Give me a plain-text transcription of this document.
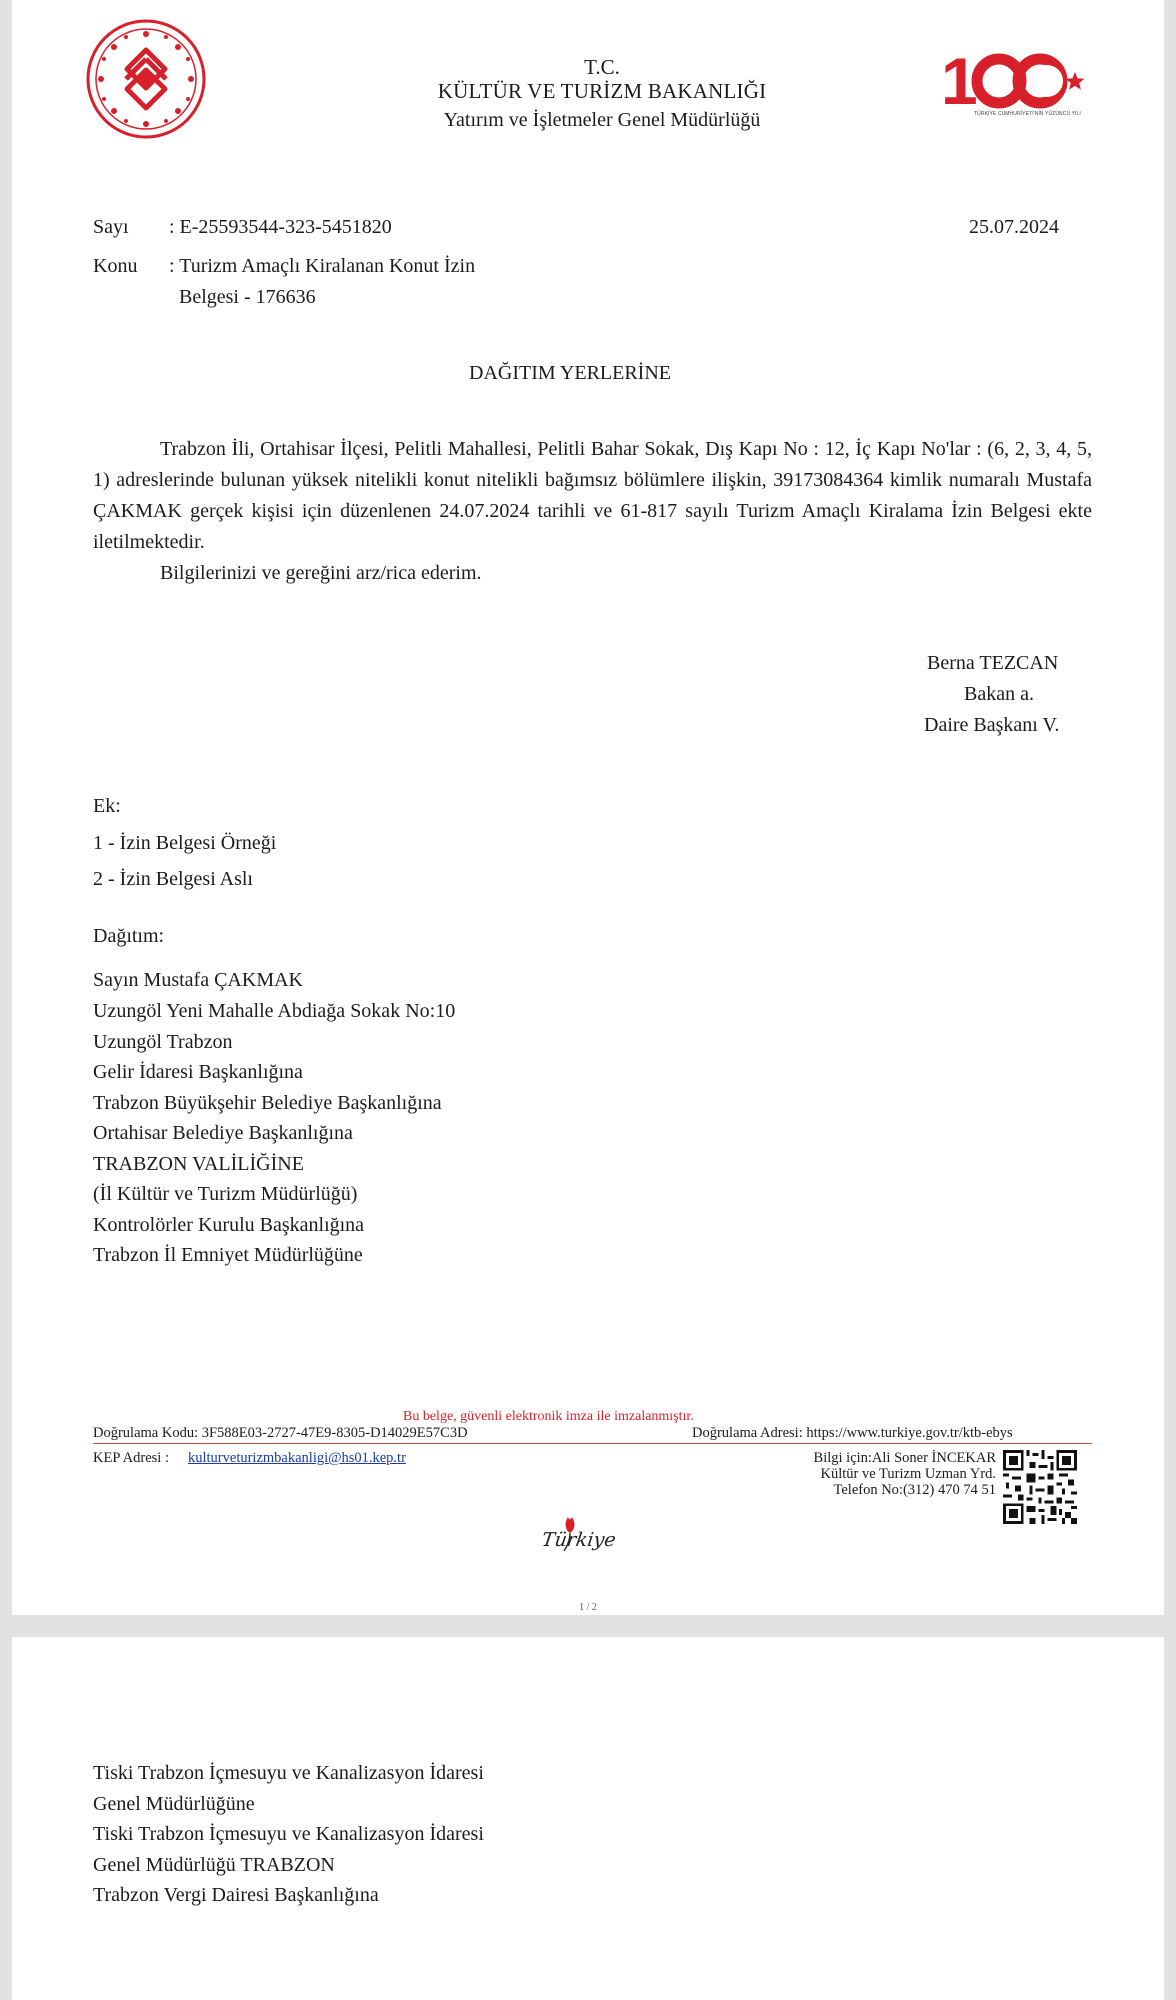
T.C.
KÜLTÜR VE TURİZM BAKANLIĞI
Yatırım ve İşletmeler Genel Müdürlüğü
1 TÜRKİYE CUMHURİYETİ'NİN YÜZÜNCÜ YILI
Sayı : E-25593544-323-5451820	25.07.2024
Konu : Turizm Amaçlı Kiralanan Konut İzin
Belgesi - 176636
DAĞITIM YERLERİNE
Trabzon İli, Ortahisar İlçesi, Pelitli Mahallesi, Pelitli Bahar Sokak, Dış Kapı No : 12, İç Kapı No'lar : (6, 2, 3, 4, 5, 1) adreslerinde bulunan yüksek nitelikli konut nitelikli bağımsız bölümlere ilişkin, 39173084364 kimlik numaralı Mustafa ÇAKMAK gerçek kişisi için düzenlenen 24.07.2024 tarihli ve 61-817 sayılı Turizm Amaçlı Kiralama İzin Belgesi ekte iletilmektedir.
Bilgilerinizi ve gereğini arz/rica ederim.
Berna TEZCAN
Bakan a.
Daire Başkanı V.
Ek:
1 - İzin Belgesi Örneği
2 - İzin Belgesi Aslı
Dağıtım:
Sayın Mustafa ÇAKMAK
Uzungöl Yeni Mahalle Abdiağa Sokak No:10
Uzungöl Trabzon
Gelir İdaresi Başkanlığına
Trabzon Büyükşehir Belediye Başkanlığına
Ortahisar Belediye Başkanlığına
TRABZON VALİLİĞİNE
(İl Kültür ve Turizm Müdürlüğü)
Kontrolörler Kurulu Başkanlığına
Trabzon İl Emniyet Müdürlüğüne
Bu belge, güvenli elektronik imza ile imzalanmıştır.
Doğrulama Kodu: 3F588E03-2727-47E9-8305-D14029E57C3D	Doğrulama Adresi: https://www.turkiye.gov.tr/ktb-ebys
KEP Adresi : kulturveturizmbakanligi@hs01.kep.tr	Bilgi için:Ali Soner İNCEKAR
Kültür ve Turizm Uzman Yrd.
Telefon No:(312) 470 74 51
Türkiye
1 / 2
Tiski Trabzon İçmesuyu ve Kanalizasyon İdaresi
Genel Müdürlüğüne
Tiski Trabzon İçmesuyu ve Kanalizasyon İdaresi
Genel Müdürlüğü TRABZON
Trabzon Vergi Dairesi Başkanlığına
